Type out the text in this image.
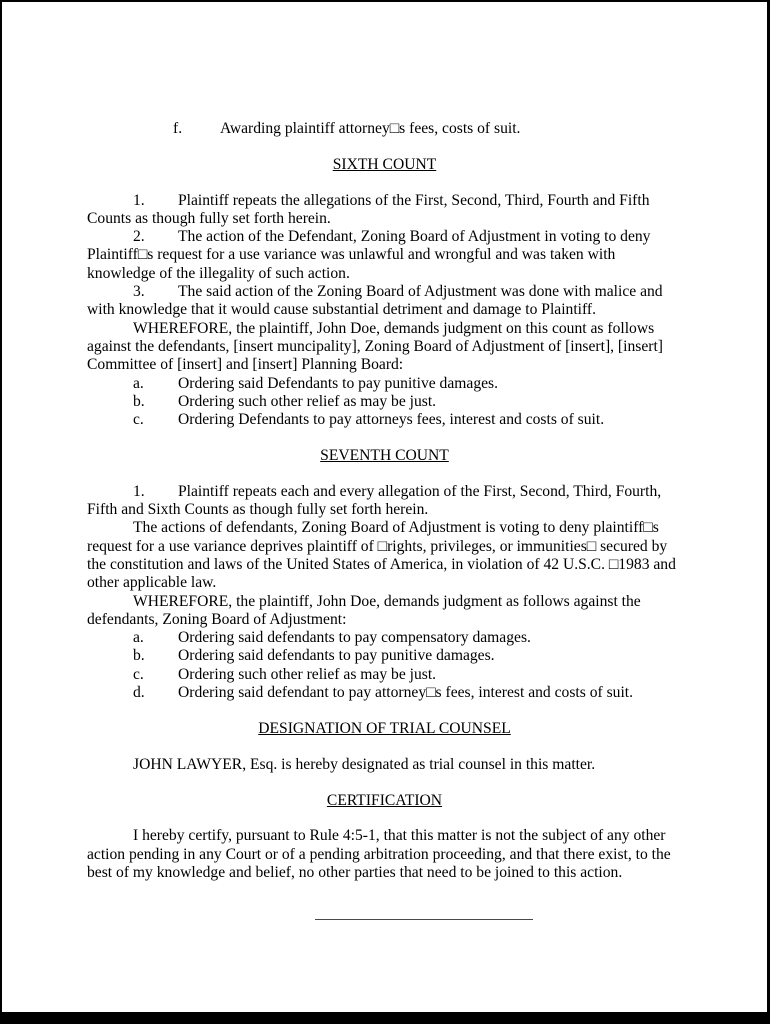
f. Awarding plaintiff attorney□s fees, costs of suit.

SIXTH COUNT

1. Plaintiff repeats the allegations of the First, Second, Third, Fourth and Fifth Counts as though fully set forth herein.

2. The action of the Defendant, Zoning Board of Adjustment in voting to deny Plaintiff□s request for a use variance was unlawful and wrongful and was taken with knowledge of the illegality of such action.

3. The said action of the Zoning Board of Adjustment was done with malice and with knowledge that it would cause substantial detriment and damage to Plaintiff.

WHEREFORE, the plaintiff, John Doe, demands judgment on this count as follows against the defendants, [insert muncipality], Zoning Board of Adjustment of [insert], [insert] Committee of [insert] and [insert] Planning Board:

a. Ordering said Defendants to pay punitive damages.

b. Ordering such other relief as may be just.

c. Ordering Defendants to pay attorneys fees, interest and costs of suit.

SEVENTH COUNT

1. Plaintiff repeats each and every allegation of the First, Second, Third, Fourth, Fifth and Sixth Counts as though fully set forth herein.

The actions of defendants, Zoning Board of Adjustment is voting to deny plaintiff□s request for a use variance deprives plaintiff of □rights, privileges, or immunities□ secured by the constitution and laws of the United States of America, in violation of 42 U.S.C. □1983 and other applicable law.

WHEREFORE, the plaintiff, John Doe, demands judgment as follows against the defendants, Zoning Board of Adjustment:

a. Ordering said defendants to pay compensatory damages.

b. Ordering said defendants to pay punitive damages.

c. Ordering such other relief as may be just.

d. Ordering said defendant to pay attorney□s fees, interest and costs of suit.

DESIGNATION OF TRIAL COUNSEL

JOHN LAWYER, Esq. is hereby designated as trial counsel in this matter.

CERTIFICATION

I hereby certify, pursuant to Rule 4:5-1, that this matter is not the subject of any other action pending in any Court or of a pending arbitration proceeding, and that there exist, to the best of my knowledge and belief, no other parties that need to be joined to this action.
